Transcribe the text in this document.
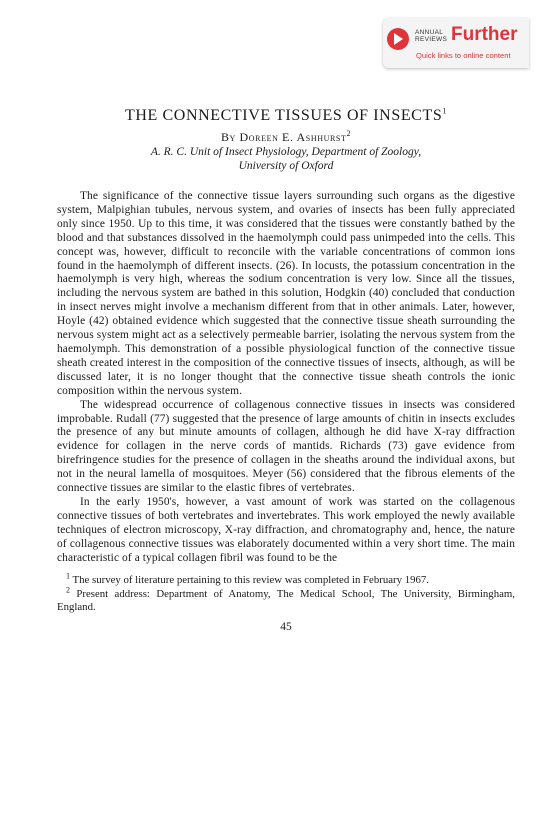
ANNUAL
REVIEWS Further
Quick links to online content
THE CONNECTIVE TISSUES OF INSECTS$^1$
By Doreen E. Ashhurst$^2$

A. R. C. Unit of Insect Physiology, Department of Zoology,
University of Oxford

The significance of the connective tissue layers surrounding such organs as the digestive system, Malpighian tubules, nervous system, and ovaries of insects has been fully appreciated only since 1950. Up to this time, it was considered that the tissues were constantly bathed by the blood and that substances dissolved in the haemolymph could pass unimpeded into the cells. This concept was, however, difficult to reconcile with the variable concentrations of common ions found in the haemolymph of different insects. (26). In locusts, the potassium concentration in the haemolymph is very high, whereas the sodium concentration is very low. Since all the tissues, including the nervous system are bathed in this solution, Hodgkin (40) concluded that conduction in insect nerves might involve a mechanism different from that in other animals. Later, however, Hoyle (42) obtained evidence which suggested that the connective tissue sheath surrounding the nervous system might act as a selectively permeable barrier, isolating the nervous system from the haemolymph. This demonstration of a possible physiological function of the connective tissue sheath created interest in the composition of the connective tissues of insects, although, as will be discussed later, it is no longer thought that the connective tissue sheath controls the ionic composition within the nervous system.

The widespread occurrence of collagenous connective tissues in insects was considered improbable. Rudall (77) suggested that the presence of large amounts of chitin in insects excludes the presence of any but minute amounts of collagen, although he did have X-ray diffraction evidence for collagen in the nerve cords of mantids. Richards (73) gave evidence from birefringence studies for the presence of collagen in the sheaths around the individual axons, but not in the neural lamella of mosquitoes. Meyer (56) considered that the fibrous elements of the connective tissues are similar to the elastic fibres of vertebrates.

In the early 1950's, however, a vast amount of work was started on the collagenous connective tissues of both vertebrates and invertebrates. This work employed the newly available techniques of electron microscopy, X-ray diffraction, and chromatography and, hence, the nature of collagenous connective tissues was elaborately documented within a very short time. The main characteristic of a typical collagen fibril was found to be the

$^1$ The survey of literature pertaining to this review was completed in February 1967.

$^2$ Present address: Department of Anatomy, The Medical School, The University, Birmingham, England.

45
